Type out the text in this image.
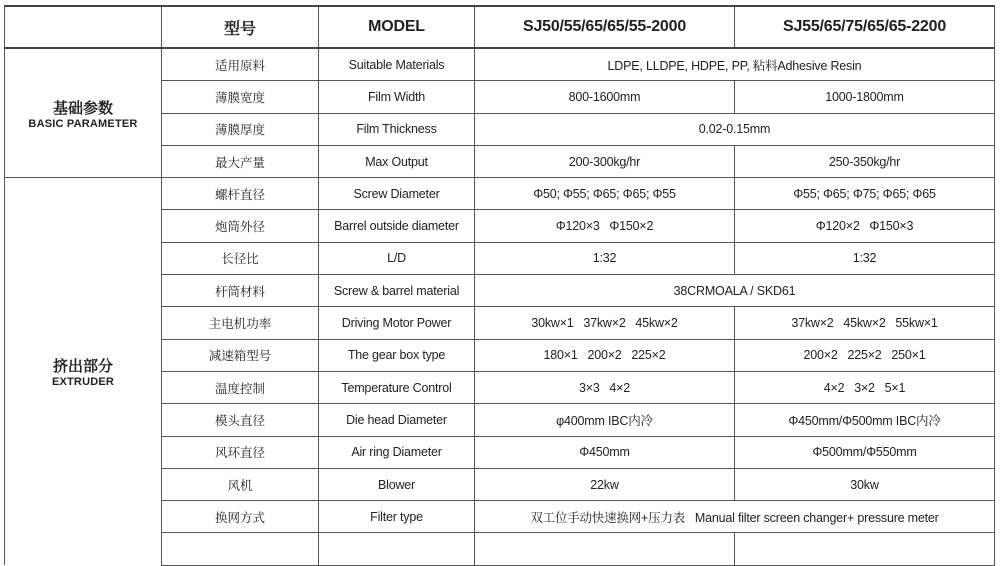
	型号	MODEL	SJ50/55/65/65/55-2000	SJ55/65/75/65/65-2200

基础参数
BASIC PARAMETER	适用原料	Suitable Materials	LDPE, LLDPE, HDPE, PP, 粘料Adhesive Resin	
	薄膜宽度	Film Width	800-1600mm	1000-1800mm
	薄膜厚度	Film Thickness	0.02-0.15mm	
	最大产量	Max Output	200-300kg/hr	250-350kg/hr

挤出部分
EXTRUDER	螺杆直径	Screw Diameter	Φ50; Φ55; Φ65; Φ65; Φ55	Φ55; Φ65; Φ75; Φ65; Φ65
	炮筒外径	Barrel outside diameter	Φ120×3   Φ150×2	Φ120×2   Φ150×3
	长径比	L/D	1:32	1:32
	杆筒材料	Screw & barrel material	38CRMOALA / SKD61	
	主电机功率	Driving Motor Power	30kw×1   37kw×2   45kw×2	37kw×2   45kw×2   55kw×1
	减速箱型号	The gear box type	180×1   200×2   225×2	200×2   225×2   250×1
	温度控制	Temperature Control	3×3   4×2	4×2   3×2   5×1
	模头直径	Die head Diameter	φ400mm IBC内冷	Φ450mm/Φ500mm IBC内冷
	风环直径	Air ring Diameter	Φ450mm	Φ500mm/Φ550mm
	风机	Blower	22kw	30kw
	换网方式	Filter type	双工位手动快速换网+压力表   Manual filter screen changer+ pressure meter	
